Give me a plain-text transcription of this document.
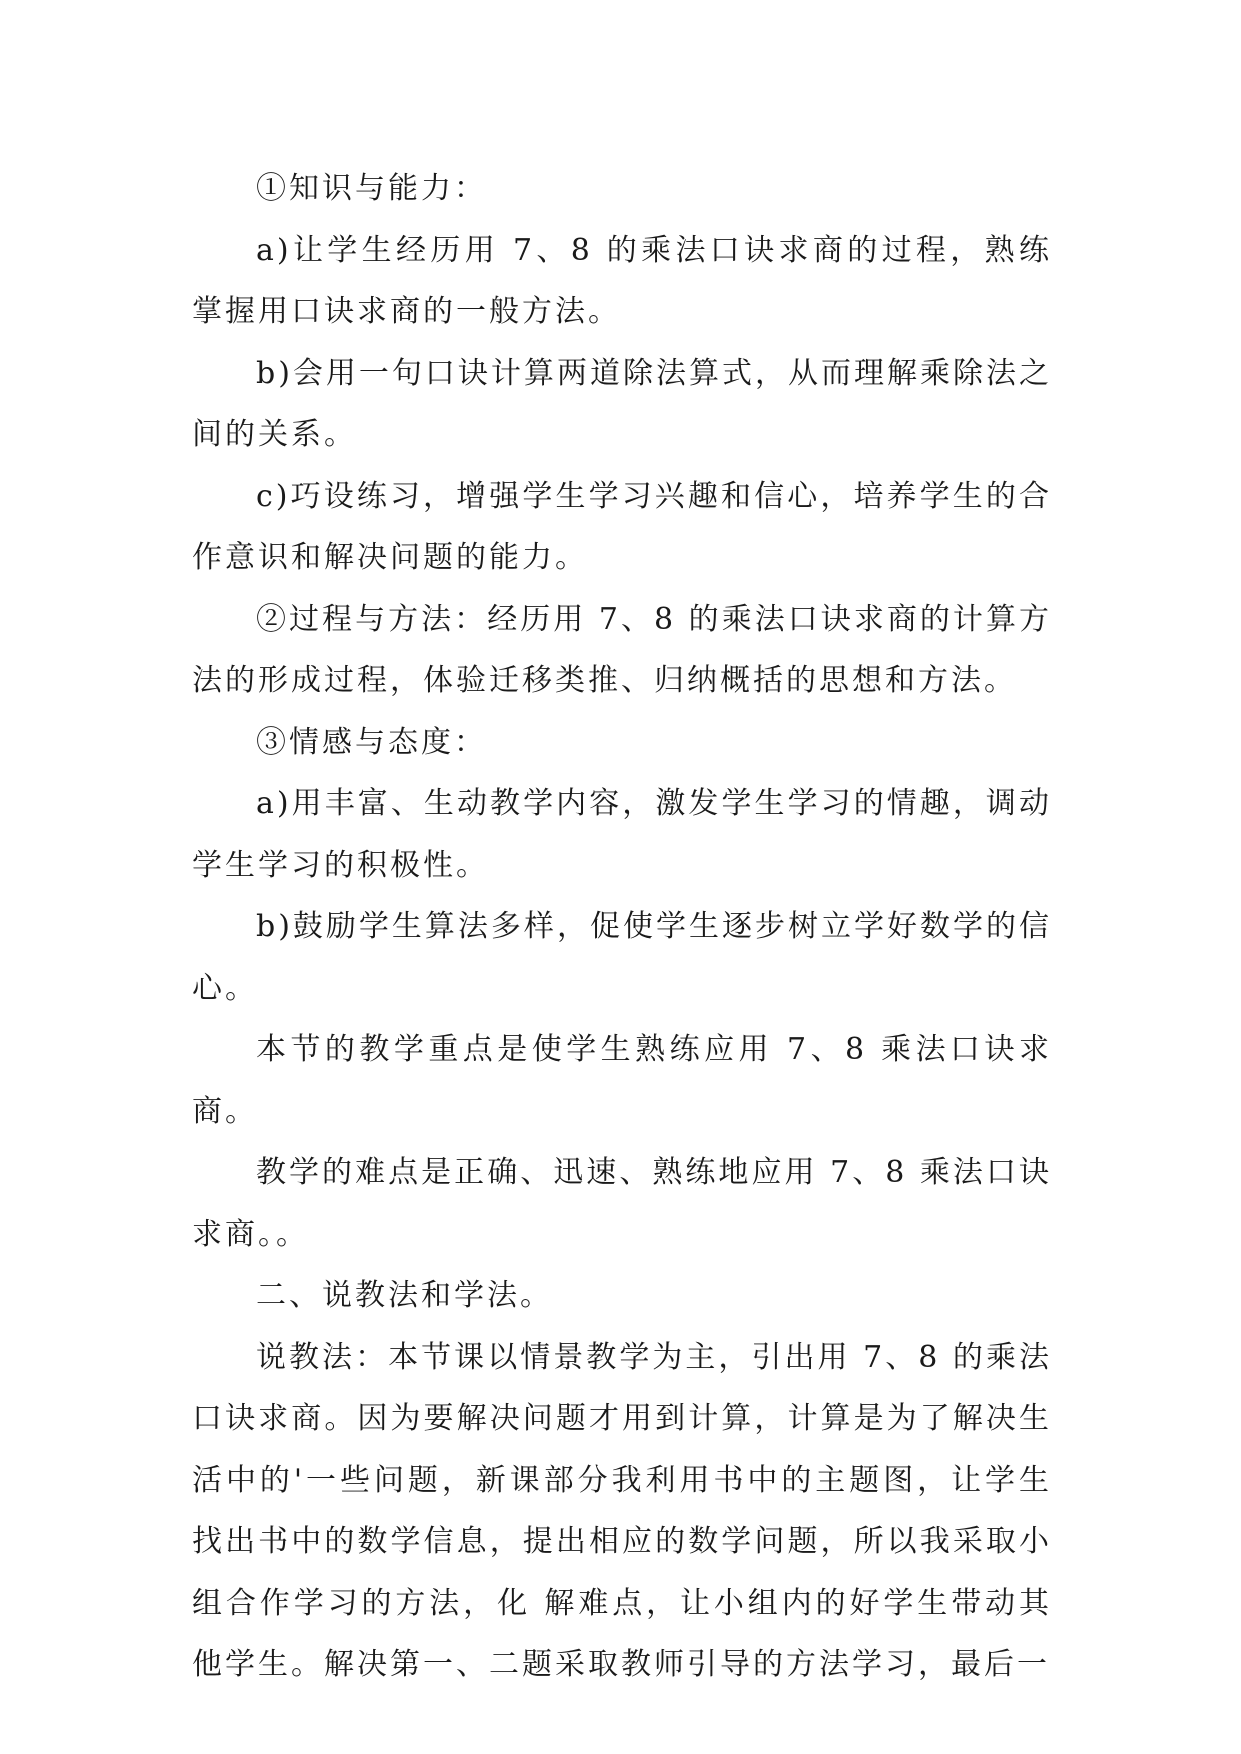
①知识与能力：

a)让学生经历用 7、8 的乘法口诀求商的过程，熟练掌握用口诀求商的一般方法。

b)会用一句口诀计算两道除法算式，从而理解乘除法之间的关系。

c)巧设练习，增强学生学习兴趣和信心，培养学生的合作意识和解决问题的能力。

②过程与方法：经历用 7、8 的乘法口诀求商的计算方法的形成过程，体验迁移类推、归纳概括的思想和方法。

③情感与态度：

a)用丰富、生动教学内容，激发学生学习的情趣，调动学生学习的积极性。

b)鼓励学生算法多样，促使学生逐步树立学好数学的信心。

本节的教学重点是使学生熟练应用 7、8 乘法口诀求商。

教学的难点是正确、迅速、熟练地应用 7、8 乘法口诀求商。。

二、说教法和学法。

说教法：本节课以情景教学为主，引出用 7、8 的乘法口诀求商。因为要解决问题才用到计算，计算是为了解决生活中的'一些问题，新课部分我利用书中的主题图，让学生找出书中的数学信息，提出相应的数学问题，所以我采取小组合作学习的方法，化 解难点，让小组内的好学生带动其他学生。解决第一、二题采取教师引导的方法学习，最后一
